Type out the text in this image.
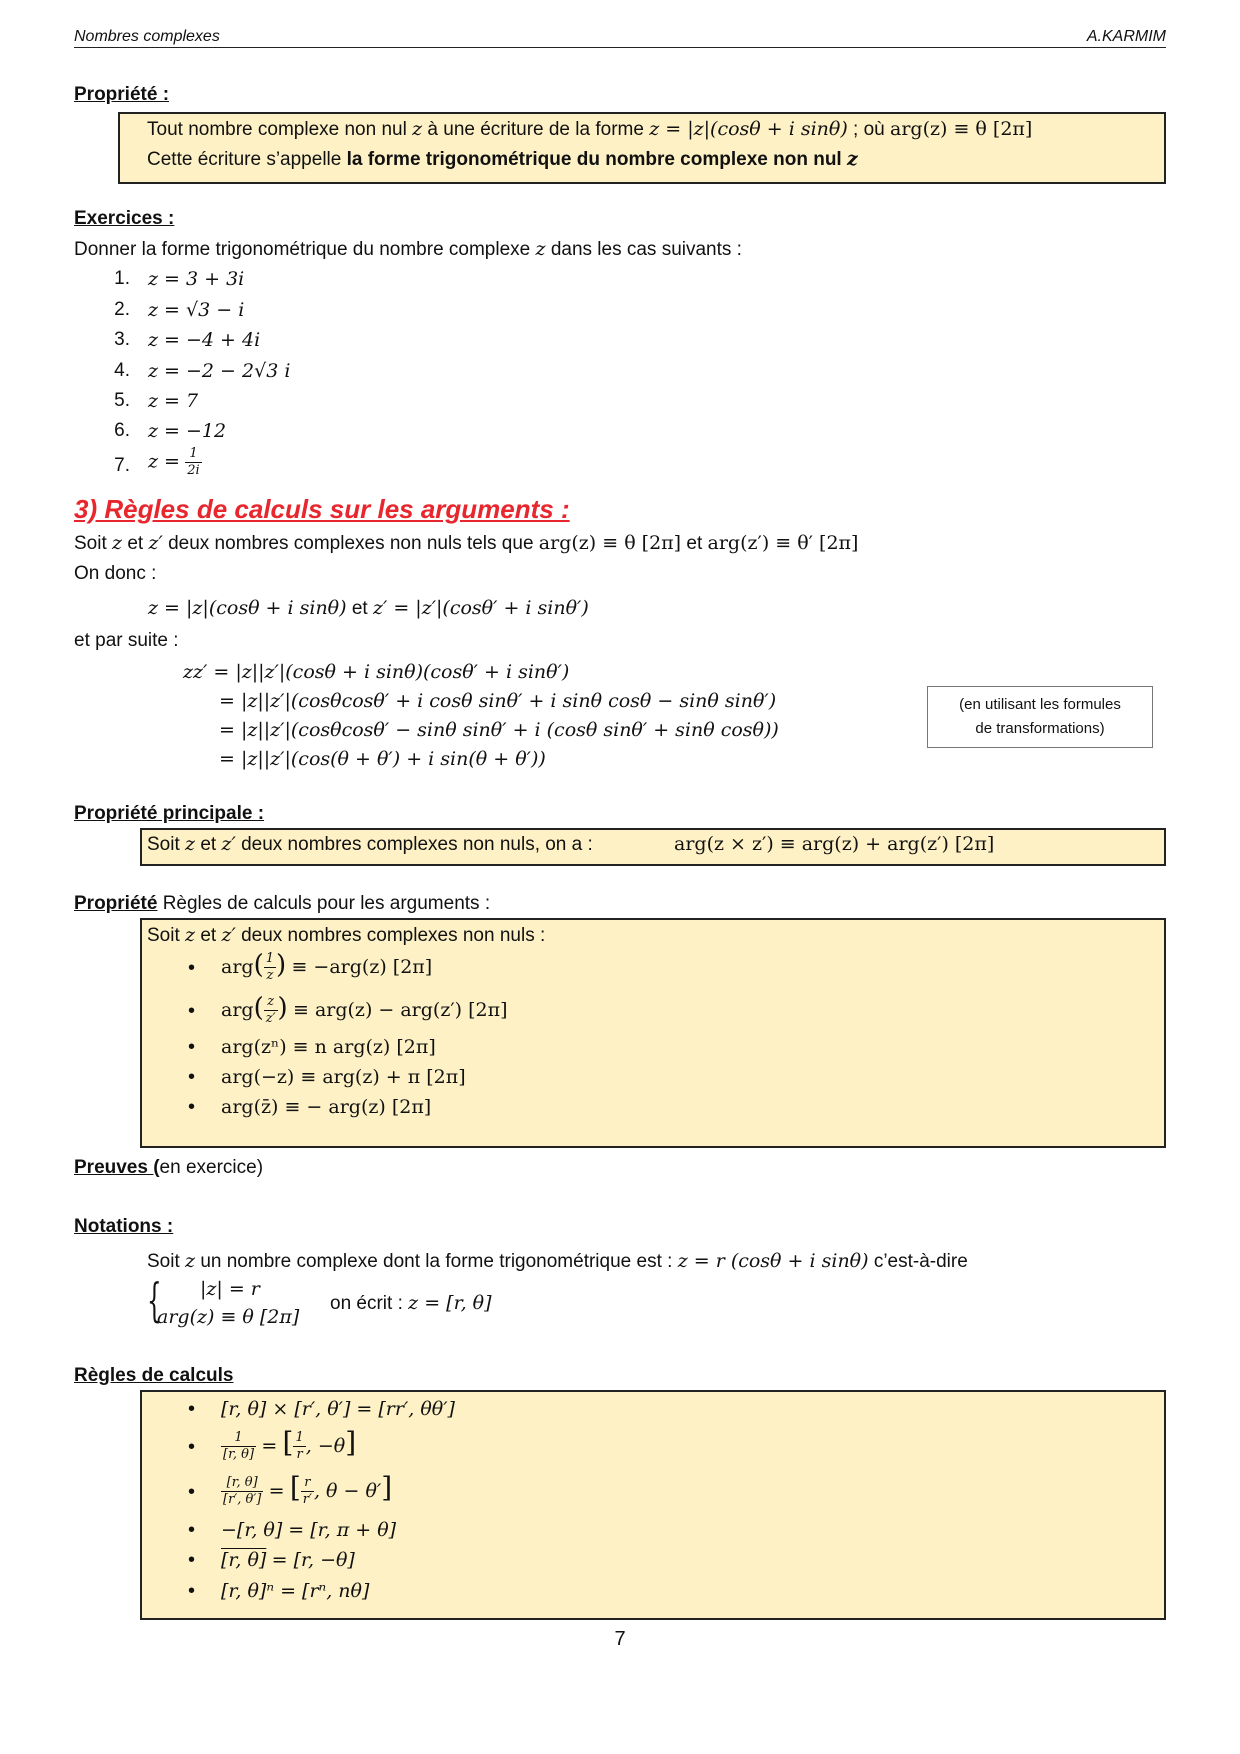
Nombres complexes	A.KARMIM
Propriété :
Tout nombre complexe non nul z à une écriture de la forme z = |z|(cosθ + i sinθ) ; où arg(z) ≡ θ [2π]
Cette écriture s’appelle la forme trigonométrique du nombre complexe non nul z
Exercices :
Donner la forme trigonométrique du nombre complexe z dans les cas suivants :
1. z = 3 + 3i
2. z = √3 − i
3. z = −4 + 4i
4. z = −2 − 2√3 i
5. z = 7
6. z = −12
7. $z = \frac{1}{2i}$
3) Règles de calculs sur les arguments :
Soit z et z′ deux nombres complexes non nuls tels que arg(z) ≡ θ [2π] et arg(z′) ≡ θ′ [2π]
On donc :
z = |z|(cosθ + i sinθ) et z′ = |z′|(cosθ′ + i sinθ′)
et par suite :
zz′ = |z||z′|(cosθ + i sinθ)(cosθ′ + i sinθ′)
= |z||z′|(cosθcosθ′ + i cosθ sinθ′ + i sinθ cosθ − sinθ sinθ′)
= |z||z′|(cosθcosθ′ − sinθ sinθ′ + i (cosθ sinθ′ + sinθ cosθ))
= |z||z′|(cos(θ + θ′) + i sin(θ + θ′))
(en utilisant les formules
de transformations)
Propriété principale :
Soit z et z′ deux nombres complexes non nuls, on a :	arg(z × z′) ≡ arg(z) + arg(z′) [2π]
Propriété Règles de calculs pour les arguments :
Soit z et z′ deux nombres complexes non nuls :
• $arg( \frac{1}{z}$ ) ≡ −arg(z) [2π]
• $arg( \frac{z}{z'}$ ) ≡ arg(z) − arg(z′) [2π]
• arg(zⁿ) ≡ n arg(z) [2π]
• arg(−z) ≡ arg(z) + π [2π]
• arg(z̄) ≡ − arg(z) [2π]
Preuves (en exercice)
Notations :
Soit z un nombre complexe dont la forme trigonométrique est : z = r (cosθ + i sinθ) c’est-à-dire
{ |z| = r
arg(z) ≡ θ [2π]
on écrit : z = [r, θ]
Règles de calculs
• [r, θ] × [r′, θ′] = [rr′, θθ′]
• $\frac{1}{[r, \theta]}$ = [ $\frac{1}{r}$ , −θ]
• $\frac{[r, \theta]}{[r', \theta']}$ = [ $\frac{r}{r'}$ , θ − θ′]
• −[r, θ] = [r, π + θ]
• [r, θ] = [r, −θ]
• [r, θ]ⁿ = [rⁿ, nθ]
7
